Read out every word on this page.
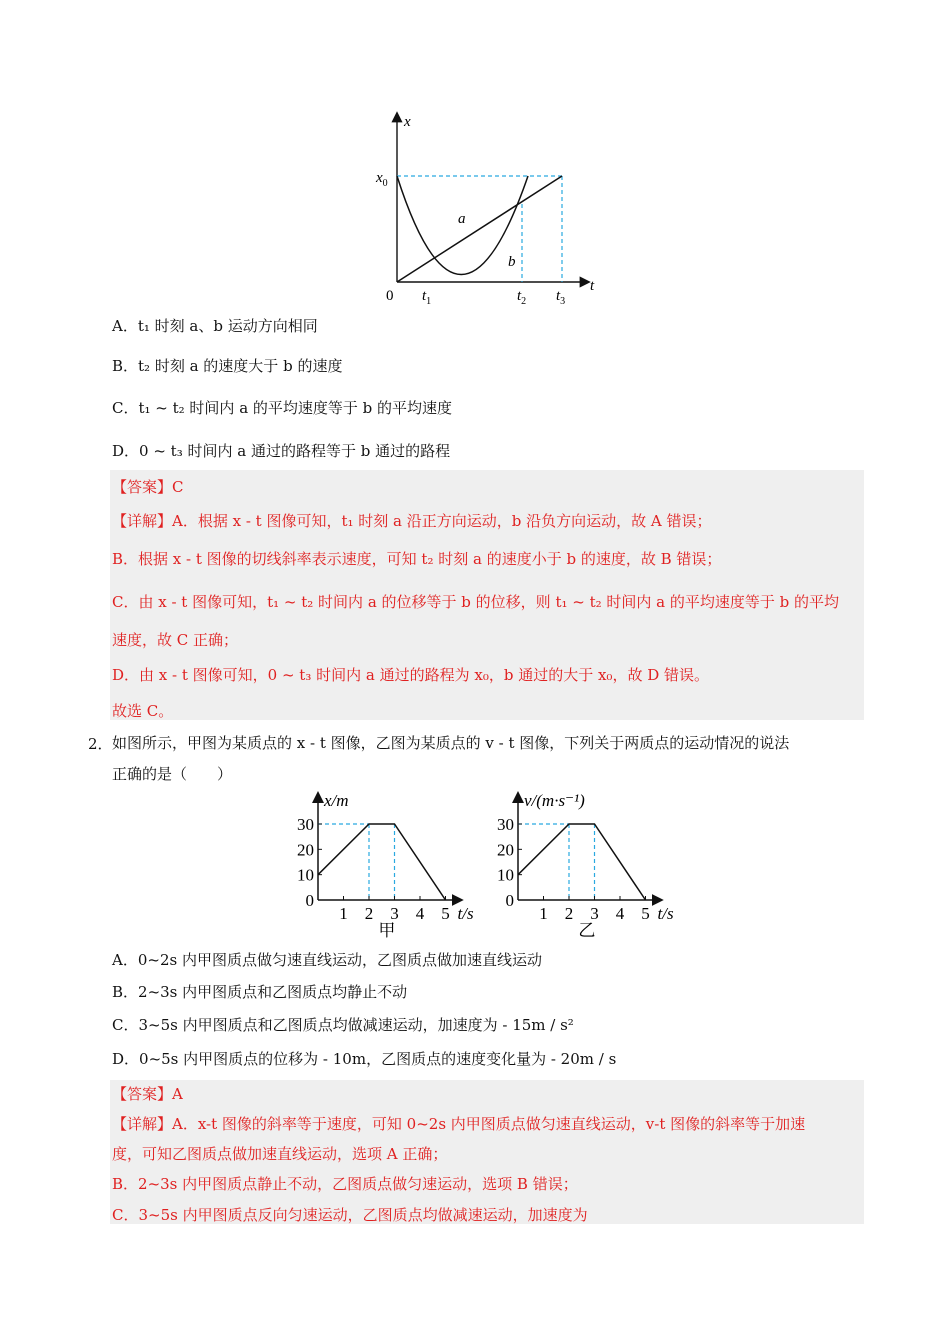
x
t
0
$x_0$
$t_1$	$t_2$ $t_3$
a
b
A．t₁ 时刻 a、b 运动方向相同
B．t₂ 时刻 a 的速度大于 b 的速度
C．t₁ ~ t₂ 时间内 a 的平均速度等于 b 的平均速度
D．0 ~ t₃ 时间内 a 通过的路程等于 b 通过的路程
【答案】C
【详解】A．根据 x - t 图像可知，t₁ 时刻 a 沿正方向运动，b 沿负方向运动，故 A 错误；
B．根据 x - t 图像的切线斜率表示速度，可知 t₂ 时刻 a 的速度小于 b 的速度，故 B 错误；
C．由 x - t 图像可知，t₁ ~ t₂ 时间内 a 的位移等于 b 的位移，则 t₁ ~ t₂ 时间内 a 的平均速度等于 b 的平均
速度，故 C 正确；
D．由 x - t 图像可知，0 ~ t₃ 时间内 a 通过的路程为 x₀，b 通过的大于 x₀，故 D 错误。
故选 C。
2． 如图所示，甲图为某质点的 x - t 图像，乙图为某质点的 v - t 图像，下列关于两质点的运动情况的说法
正确的是（　　）
10
20
30
0
1 2 3 4 5
x/m
t/s
甲
10
20
30
0
1 2 3 4 5
v/(m·s⁻¹)
t/s
乙
A．0~2s 内甲图质点做匀速直线运动，乙图质点做加速直线运动
B．2~3s 内甲图质点和乙图质点均静止不动
C．3~5s 内甲图质点和乙图质点均做减速运动，加速度为 - 15m / s²
D．0~5s 内甲图质点的位移为 - 10m，乙图质点的速度变化量为 - 20m / s
【答案】A
【详解】A．x-t 图像的斜率等于速度，可知 0~2s 内甲图质点做匀速直线运动，v-t 图像的斜率等于加速
度，可知乙图质点做加速直线运动，选项 A 正确；
B．2~3s 内甲图质点静止不动，乙图质点做匀速运动，选项 B 错误；
C．3~5s 内甲图质点反向匀速运动，乙图质点均做减速运动，加速度为
